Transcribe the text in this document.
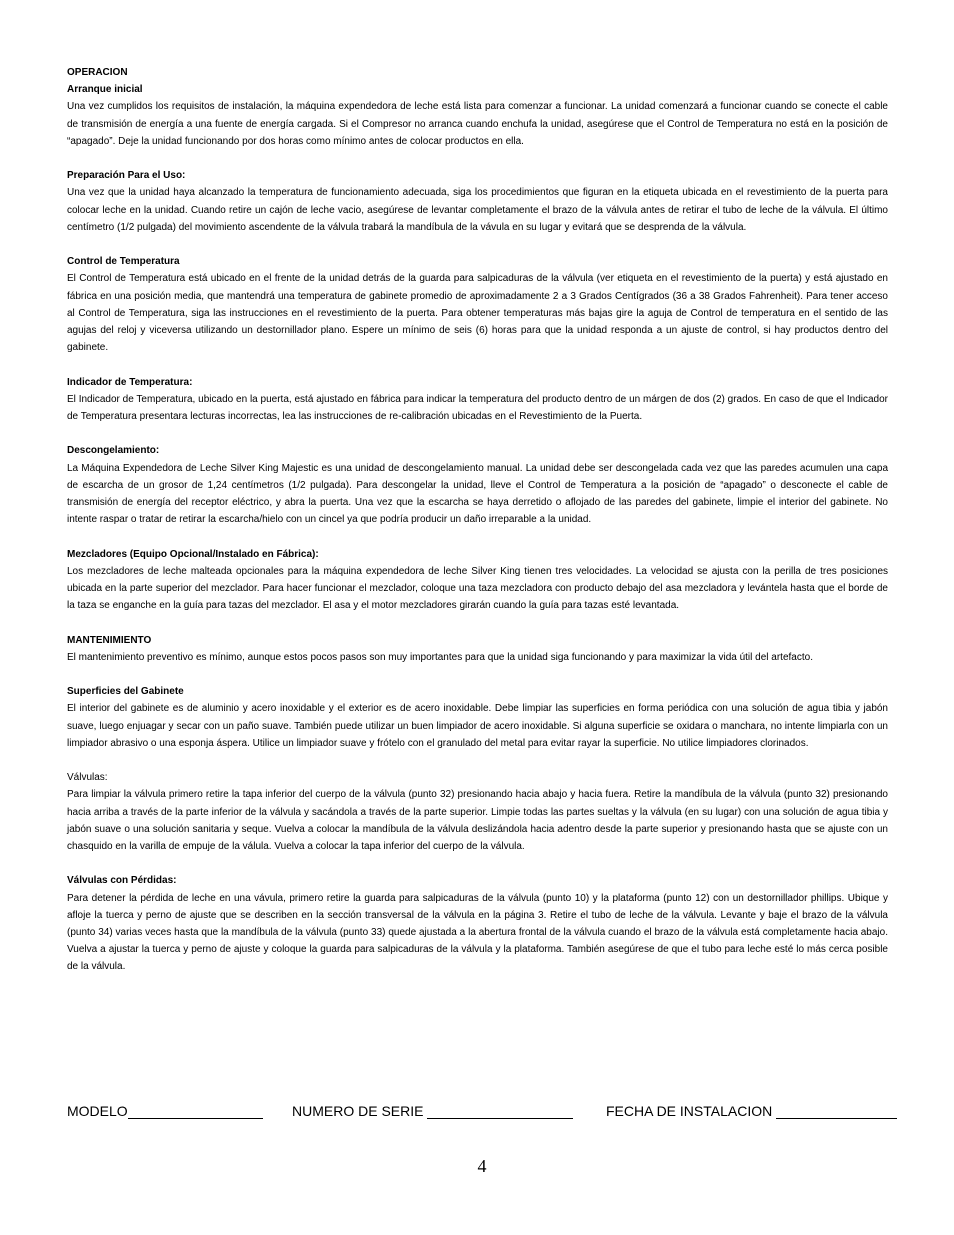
OPERACION

Arranque inicial

Una vez cumplidos los requisitos de instalación, la máquina expendedora de leche está lista para comenzar a funcionar. La unidad comenzará a funcionar cuando se conecte el cable de transmisión de energía a una fuente de energía cargada. Si el Compresor no arranca cuando enchufa la unidad, asegúrese que el Control de Temperatura no está en la posición de “apagado”. Deje la unidad funcionando por dos horas como mínimo antes de colocar productos en ella.

Preparación Para el Uso:

Una vez que la unidad haya alcanzado la temperatura de funcionamiento adecuada, siga los procedimientos que figuran en la etiqueta ubicada en el revestimiento de la puerta para colocar leche en la unidad. Cuando retire un cajón de leche vacio, asegúrese de levantar completamente el brazo de la válvula antes de retirar el tubo de leche de la válvula. El último centímetro (1/2 pulgada) del movimiento ascendente de la válvula trabará la mandíbula de la vávula en su lugar y evitará que se desprenda de la válvula.

Control de Temperatura

El Control de Temperatura está ubicado en el frente de la unidad detrás de la guarda para salpicaduras de la válvula (ver etiqueta en el revestimiento de la puerta) y está ajustado en fábrica en una posición media, que mantendrá una temperatura de gabinete promedio de aproximadamente 2 a 3 Grados Centígrados (36 a 38 Grados Fahrenheit). Para tener acceso al Control de Temperatura, siga las instrucciones en el revestimiento de la puerta. Para obtener temperaturas más bajas gire la aguja de Control de temperatura en el sentido de las agujas del reloj y viceversa utilizando un destornillador plano. Espere un mínimo de seis (6) horas para que la unidad responda a un ajuste de control, si hay productos dentro del gabinete.

Indicador de Temperatura:

El Indicador de Temperatura, ubicado en la puerta, está ajustado en fábrica para indicar la temperatura del producto dentro de un márgen de dos (2) grados. En caso de que el Indicador de Temperatura presentara lecturas incorrectas, lea las instrucciones de re-calibración ubicadas en el Revestimiento de la Puerta.

Descongelamiento:

La Máquina Expendedora de Leche Silver King Majestic es una unidad de descongelamiento manual. La unidad debe ser descongelada cada vez que las paredes acumulen una capa de escarcha de un grosor de 1,24 centímetros (1/2 pulgada). Para descongelar la unidad, lleve el Control de Temperatura a la posición de “apagado” o desconecte el cable de transmisión de energía del receptor eléctrico, y abra la puerta. Una vez que la escarcha se haya derretido o aflojado de las paredes del gabinete, limpie el interior del gabinete. No intente raspar o tratar de retirar la escarcha/hielo con un cincel ya que podría producir un daño irreparable a la unidad.

Mezcladores (Equipo Opcional/Instalado en Fábrica):

Los mezcladores de leche malteada opcionales para la máquina expendedora de leche Silver King tienen tres velocidades. La velocidad se ajusta con la perilla de tres posiciones ubicada en la parte superior del mezclador. Para hacer funcionar el mezclador, coloque una taza mezcladora con producto debajo del asa mezcladora y levántela hasta que el borde de la taza se enganche en la guía para tazas del mezclador. El asa y el motor mezcladores girarán cuando la guía para tazas esté levantada.

MANTENIMIENTO

El mantenimiento preventivo es mínimo, aunque estos pocos pasos son muy importantes para que la unidad siga funcionando y para maximizar la vida útil del artefacto.

Superficies del Gabinete

El interior del gabinete es de aluminio y acero inoxidable y el exterior es de acero inoxidable. Debe limpiar las superficies en forma periódica con una solución de agua tibia y jabón suave, luego enjuagar y secar con un paño suave. También puede utilizar un buen limpiador de acero inoxidable. Si alguna superficie se oxidara o manchara, no intente limpiarla con un limpiador abrasivo o una esponja áspera. Utilice un limpiador suave y frótelo con el granulado del metal para evitar rayar la superficie. No utilice limpiadores clorinados.

Válvulas:

Para limpiar la válvula primero retire la tapa inferior del cuerpo de la válvula (punto 32) presionando hacia abajo y hacia fuera. Retire la mandíbula de la válvula (punto 32) presionando hacia arriba a través de la parte inferior de la válvula y sacándola a través de la parte superior. Limpie todas las partes sueltas y la válvula (en su lugar) con una solución de agua tibia y jabón suave o una solución sanitaria y seque. Vuelva a colocar la mandíbula de la válvula deslizándola hacia adentro desde la parte superior y presionando hasta que se ajuste con un chasquido en la varilla de empuje de la válula. Vuelva a colocar la tapa inferior del cuerpo de la válvula.

Válvulas con Pérdidas:

Para detener la pérdida de leche en una vávula, primero retire la guarda para salpicaduras de la válvula (punto 10) y la plataforma (punto 12) con un destornillador phillips. Ubique y afloje la tuerca y perno de ajuste que se describen en la sección transversal de la válvula en la página 3. Retire el tubo de leche de la válvula. Levante y baje el brazo de la válvula (punto 34) varias veces hasta que la mandíbula de la válvula (punto 33) quede ajustada a la abertura frontal de la válvula cuando el brazo de la válvula está completamente hacia abajo. Vuelva a ajustar la tuerca y perno de ajuste y coloque la guarda para salpicaduras de la válvula y la plataforma. También asegúrese de que el tubo para leche esté lo más cerca posible de la válvula.

MODELO	NUMERO DE SERIE	FECHA DE INSTALACION
4
